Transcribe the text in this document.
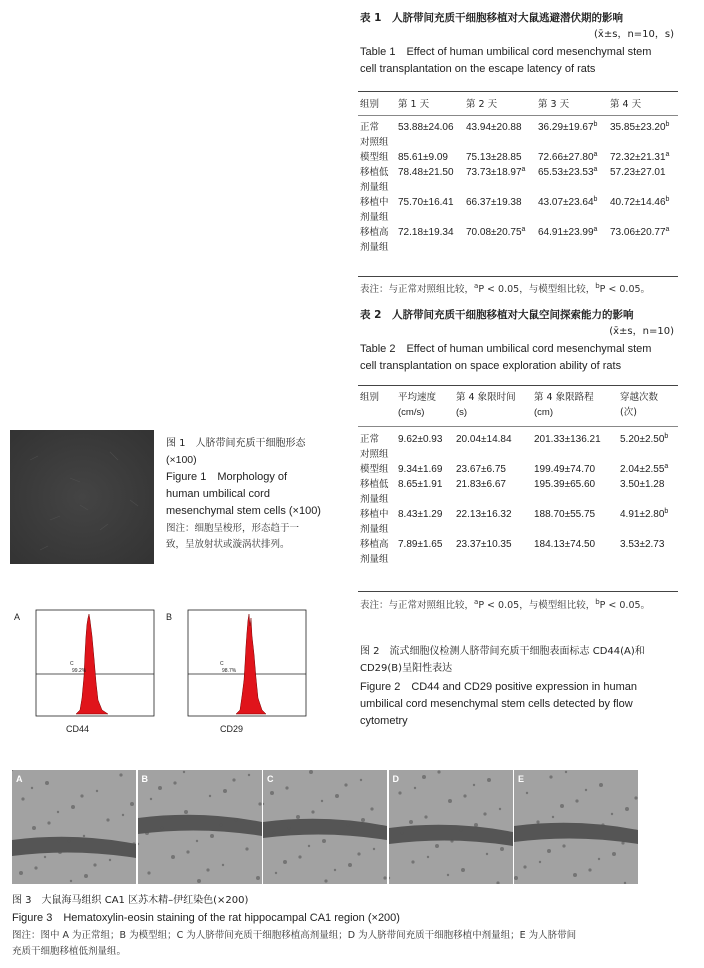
表 1　人脐带间充质干细胞移植对大鼠逃避潜伏期的影响
(x̄±s，n=10，s)
Table 1　Effect of human umbilical cord mesenchymal stem
cell transplantation on the escape latency of rats
组别	第 1 天	第 2 天	第 3 天	第 4 天
正常
对照组	53.88±24.06	43.94±20.88	36.29±19.67$^b$	35.85±23.20$^b$

模型组	85.61±9.09	75.13±28.85	72.66±27.80$^a$	72.32±21.31$^a$

移植低
剂量组	78.48±21.50	73.73±18.97$^a$	65.53±23.53$^a$	57.23±27.01

移植中
剂量组	75.70±16.41	66.37±19.38	43.07±23.64$^b$	40.72±14.46$^b$

移植高
剂量组	72.18±19.34	70.08±20.75$^a$	64.91±23.99$^a$	73.06±20.77$^a$
表注：与正常对照组比较，$^a$P < 0.05，与模型组比较，$^b$P < 0.05。
表 2　人脐带间充质干细胞移植对大鼠空间探索能力的影响
(x̄±s，n=10)
Table 2　Effect of human umbilical cord mesenchymal stem
cell transplantation on space exploration ability of rats
组别	平均速度	第 4 象限时间	第 4 象限路程	穿越次数
	(cm/s)	(s)	(cm)	(次)
正常
对照组	9.62±0.93	20.04±14.84	201.33±136.21	5.20±2.50$^b$

模型组	9.34±1.69	23.67±6.75	199.49±74.70	2.04±2.55$^a$

移植低
剂量组	8.65±1.91	21.83±6.67	195.39±65.60	3.50±1.28

移植中
剂量组	8.43±1.29	22.13±16.32	188.70±55.75	4.91±2.80$^b$

移植高
剂量组	7.89±1.65	23.37±10.35	184.13±74.50	3.53±2.73
表注：与正常对照组比较，$^a$P < 0.05，与模型组比较，$^b$P < 0.05。
图 1　人脐带间充质干细胞形态
(×100)
Figure 1　Morphology of
human umbilical cord
mesenchymal stem cells (×100)
图注：细胞呈梭形，形态趋于一
致，呈放射状或漩涡状排列。
A
C
99.2%
CD44
B
C
98.7%
CD29
图 2　流式细胞仪检测人脐带间充质干细胞表面标志 CD44(A)和
CD29(B)呈阳性表达
Figure 2　CD44 and CD29 positive expression in human
umbilical cord mesenchymal stem cells detected by flow
cytometry
A	B	C	D	E
图 3　大鼠海马组织 CA1 区苏木精–伊红染色(×200)
Figure 3　Hematoxylin-eosin staining of the rat hippocampal CA1 region (×200)
图注：图中 A 为正常组；B 为模型组；C 为人脐带间充质干细胞移植高剂量组；D 为人脐带间充质干细胞移植中剂量组；E 为人脐带间
充质干细胞移植低剂量组。
